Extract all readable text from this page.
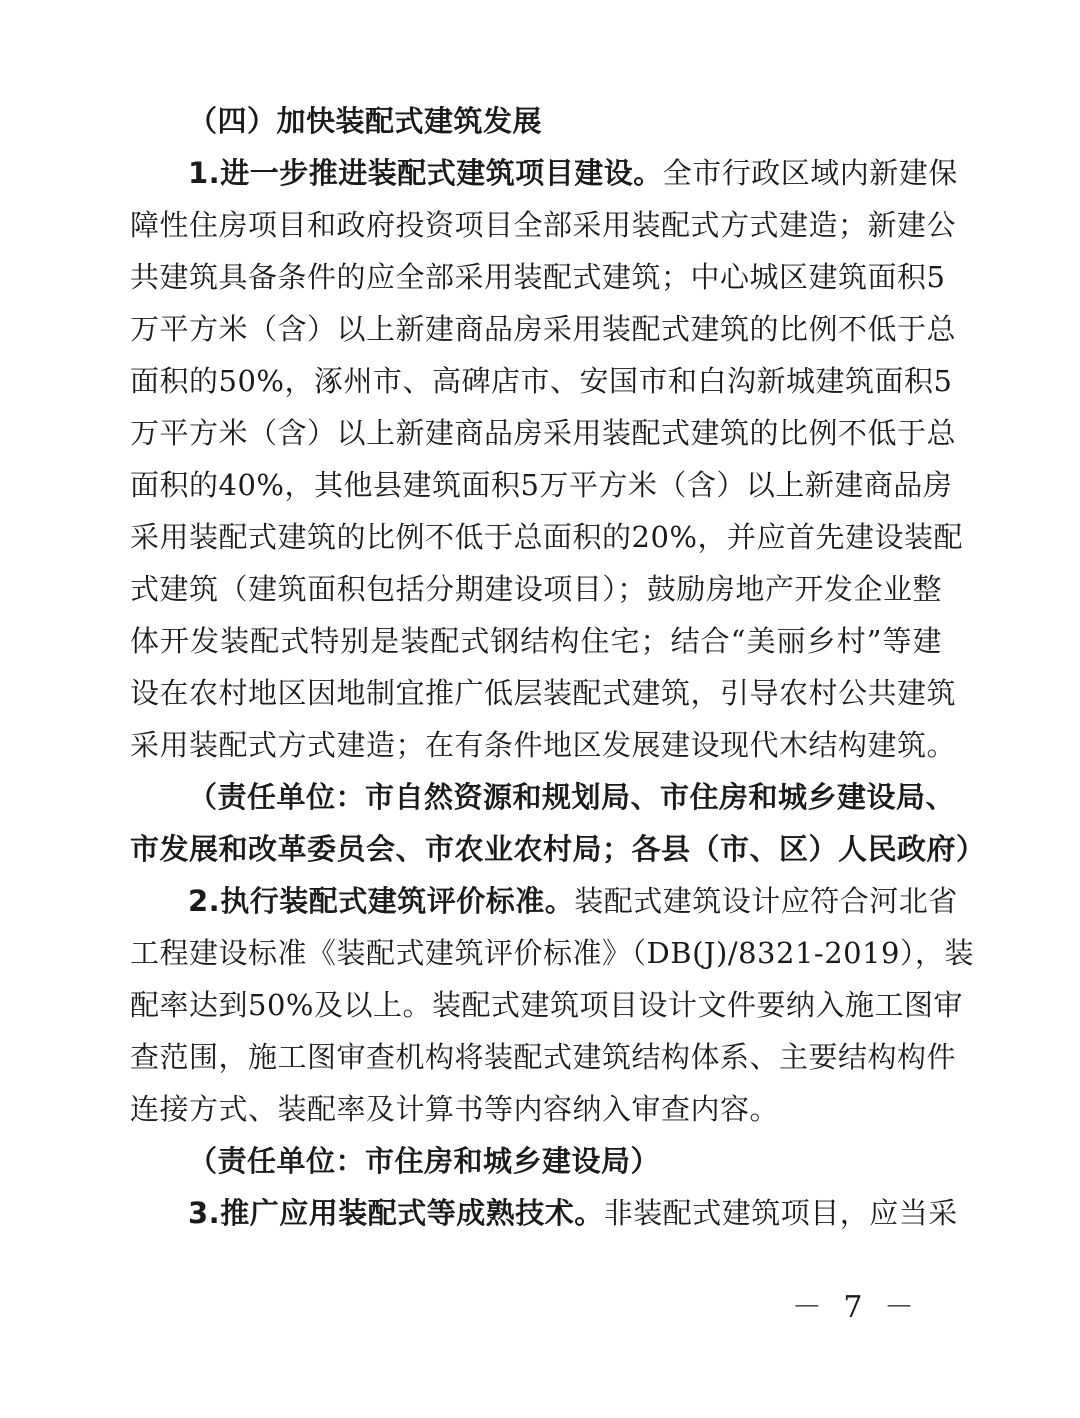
（四）加快装配式建筑发展
1.进一步推进装配式建筑项目建设。全市行政区域内新建保
障性住房项目和政府投资项目全部采用装配式方式建造；新建公
共建筑具备条件的应全部采用装配式建筑；中心城区建筑面积5
万平方米（含）以上新建商品房采用装配式建筑的比例不低于总
面积的50%，涿州市、高碑店市、安国市和白沟新城建筑面积5
万平方米（含）以上新建商品房采用装配式建筑的比例不低于总
面积的40%，其他县建筑面积5万平方米（含）以上新建商品房
采用装配式建筑的比例不低于总面积的20%，并应首先建设装配
式建筑（建筑面积包括分期建设项目）；鼓励房地产开发企业整
体开发装配式特别是装配式钢结构住宅；结合“美丽乡村”等建
设在农村地区因地制宜推广低层装配式建筑，引导农村公共建筑
采用装配式方式建造；在有条件地区发展建设现代木结构建筑。
（责任单位：市自然资源和规划局、市住房和城乡建设局、
市发展和改革委员会、市农业农村局；各县（市、区）人民政府）
2.执行装配式建筑评价标准。装配式建筑设计应符合河北省
工程建设标准《装配式建筑评价标准》（DB(J)/8321-2019），装
配率达到50%及以上。装配式建筑项目设计文件要纳入施工图审
查范围，施工图审查机构将装配式建筑结构体系、主要结构构件
连接方式、装配率及计算书等内容纳入审查内容。
（责任单位：市住房和城乡建设局）
3.推广应用装配式等成熟技术。非装配式建筑项目，应当采
－ 7 －
